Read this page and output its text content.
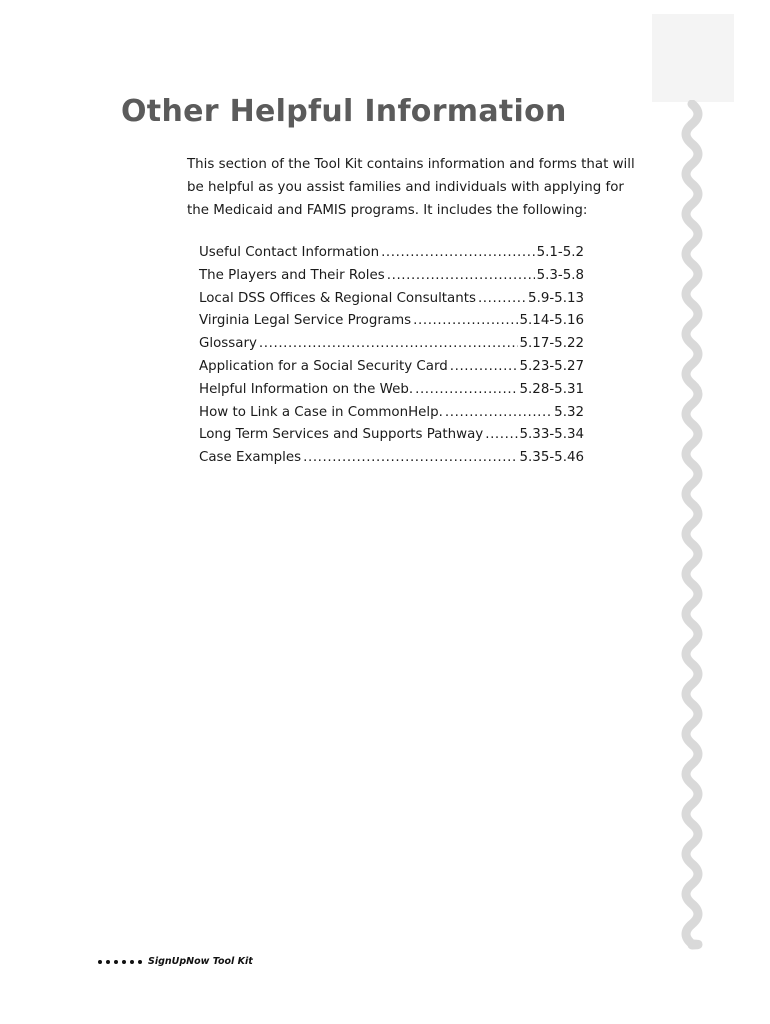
Other Helpful Information

This section of the Tool Kit contains information and forms that will
be helpful as you assist families and individuals with applying for
the Medicaid and FAMIS programs. It includes the following:

Useful Contact Information .....	5.1-5.2
The Players and Their Roles .....	5.3-5.8
Local DSS Offices & Regional Consultants .....	5.9-5.13
Virginia Legal Service Programs .....	5.14-5.16
Glossary .....	5.17-5.22
Application for a Social Security Card .....	5.23-5.27
Helpful Information on the Web. .....	5.28-5.31
How to Link a Case in CommonHelp. .....	5.32
Long Term Services and Supports Pathway .....	5.33-5.34
Case Examples .....	5.35-5.46
SignUpNow Tool Kit
